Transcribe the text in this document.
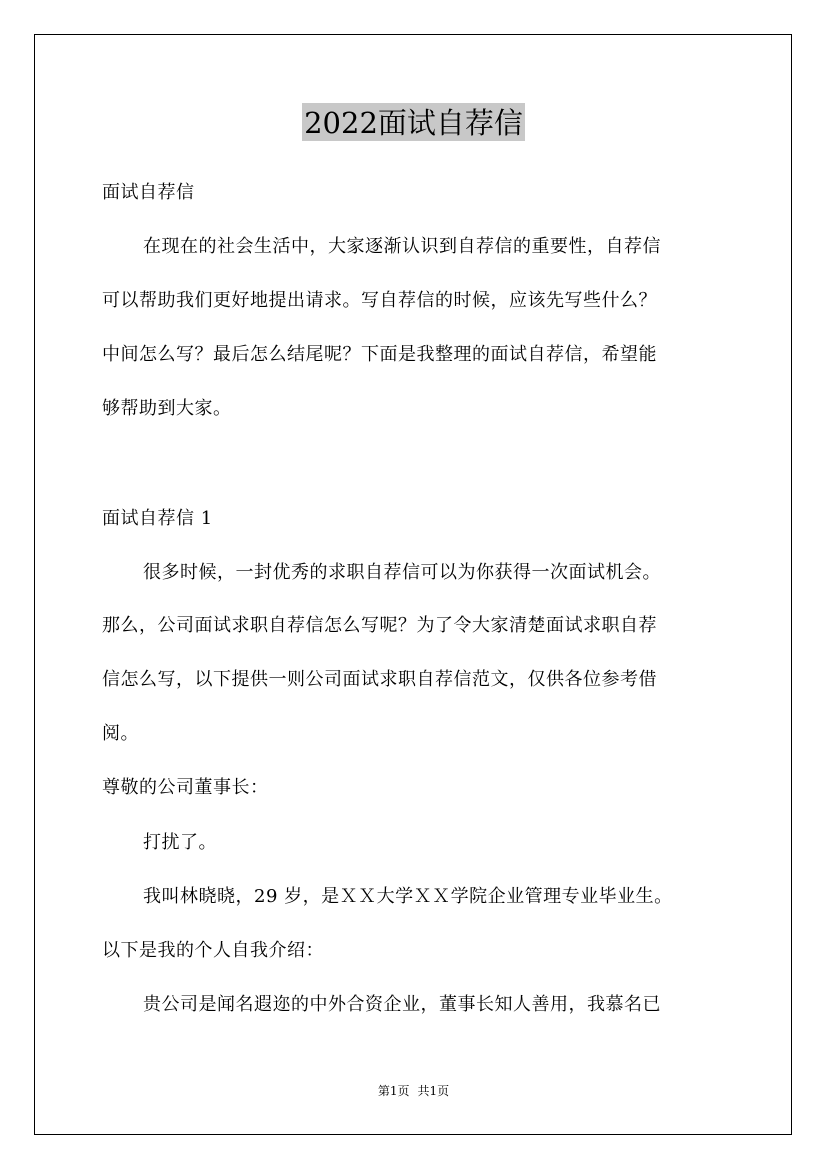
2022面试自荐信
面试自荐信
在现在的社会生活中，大家逐渐认识到自荐信的重要性，自荐信
可以帮助我们更好地提出请求。写自荐信的时候，应该先写些什么？
中间怎么写？最后怎么结尾呢？下面是我整理的面试自荐信，希望能
够帮助到大家。
面试自荐信 1
很多时候，一封优秀的求职自荐信可以为你获得一次面试机会。
那么，公司面试求职自荐信怎么写呢？为了令大家清楚面试求职自荐
信怎么写，以下提供一则公司面试求职自荐信范文，仅供各位参考借
阅。
尊敬的公司董事长：
打扰了。
我叫林晓晓，29 岁，是ＸＸ大学ＸＸ学院企业管理专业毕业生。
以下是我的个人自我介绍：
贵公司是闻名遐迩的中外合资企业，董事长知人善用，我慕名已
第1页 共1页
